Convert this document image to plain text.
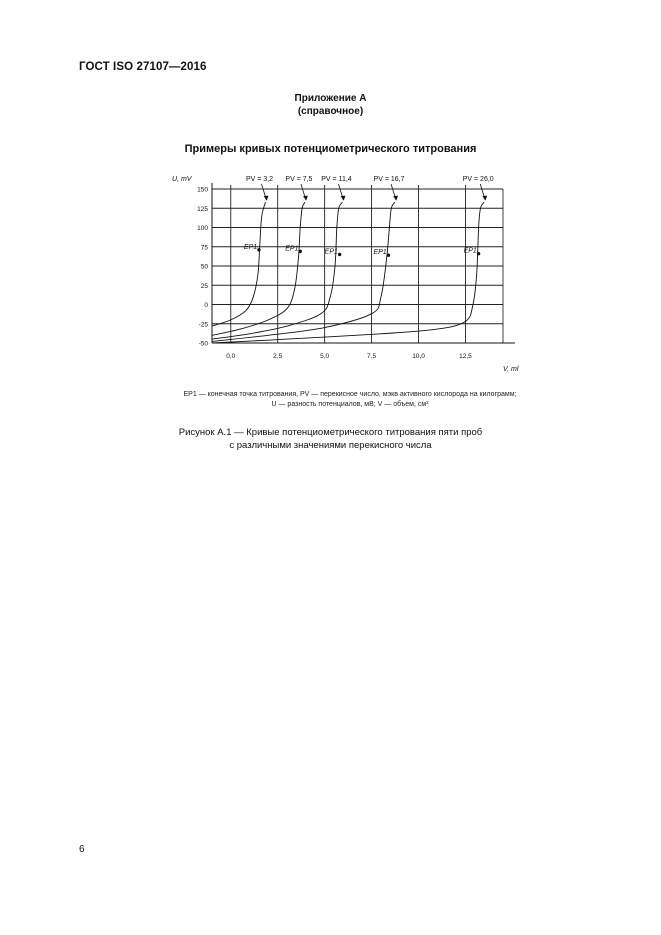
ГОСТ ISO 27107—2016
Приложение А
(справочное)
Примеры кривых потенциометрического титрования
-50
-25
0
25
50
75
100
125
150
0,0	2,5	5,0	7,5	10,0	12,5
U, mV
V, ml
EP1
PV = 3,2
EP1
PV = 7,5
EP1
PV = 11,4
EP1
PV = 16,7
EP1
PV = 26,0
EP1 — конечная точка титрования, PV — перекисное число, мэкв активного кислорода на килограмм;
U — разность потенциалов, мВ; V — объем, см³
Рисунок А.1 — Кривые потенциометрического титрования пяти проб
с различными значениями перекисного числа
6
